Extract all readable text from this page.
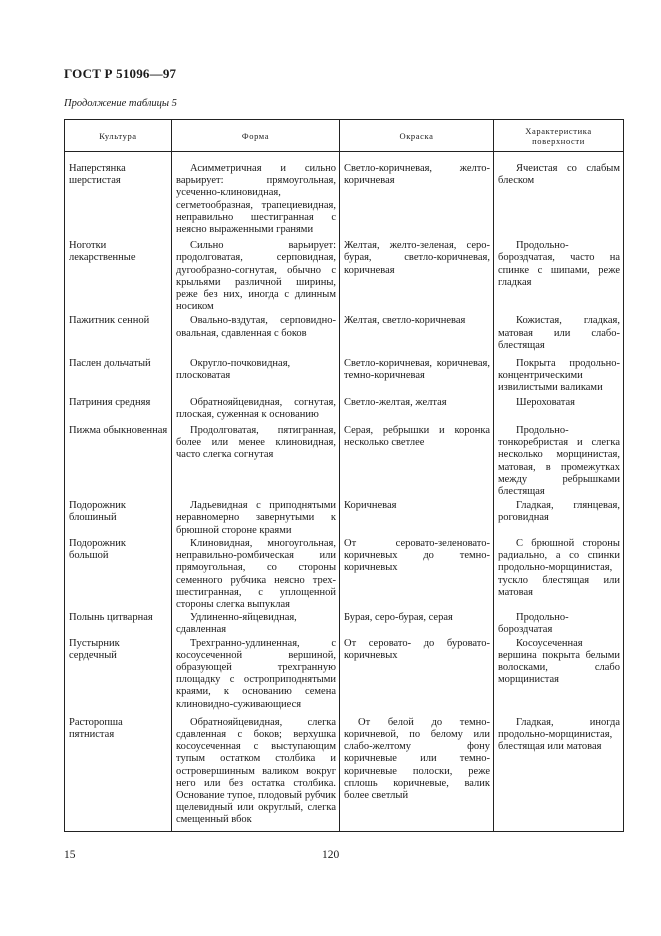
ГОСТ Р 51096—97
Продолжение таблицы 5
Культура	Форма	Окраска	Характеристика поверхности
Наперстянка шерстистая	Асимметричная и сильно варьирует: прямоугольная, усеченно-клиновидная, сегметообразная, трапециевидная, неправильно шестигранная с неясно выраженными гранями	Светло-коричневая, желто-коричневая	Ячеистая со слабым блеском

Ноготки лекарственные	Сильно варьирует: продолговатая, серповидная, дугообразно-согнутая, обычно с крыльями различной ширины, реже без них, иногда с длинным носиком	Желтая, желто-зеленая, серо-бурая, светло-коричневая, коричневая	Продольно-бороздчатая, часто на спинке с шипами, реже гладкая

Пажитник сенной	Овально-вздутая, серповидно-овальная, сдавленная с боков	Желтая, светло-коричневая	Кожистая, гладкая, матовая или слабо-блестящая

Паслен дольчатый	Округло-почковидная, плосковатая	Светло-коричневая, коричневая, темно-коричневая	Покрыта продольно-концентрическими извилистыми валиками

Патриния средняя	Обратнояйцевидная, согнутая, плоская, суженная к основанию	Светло-желтая, желтая	Шероховатая

Пижма обыкновенная	Продолговатая, пятигранная, более или менее клиновидная, часто слегка согнутая	Серая, ребрышки и коронка несколько светлее	Продольно-тонкоребристая и слегка несколько морщинистая, матовая, в промежутках между ребрышками блестящая

Подорожник блошиный	Ладьевидная с приподнятыми неравномерно завернутыми к брюшной стороне краями	Коричневая	Гладкая, глянцевая, роговидная

Подорожник большой	Клиновидная, многоугольная, неправильно-ромбическая или прямоугольная, со стороны семенного рубчика неясно трех-шестигранная, с уплощенной стороны слегка выпуклая	От серовато-зеленовато-коричневых до темно-коричневых	С брюшной стороны радиально, а со спинки продольно-морщинистая, тускло блестящая или матовая

Полынь цитварная	Удлиненно-яйцевидная, сдавленная	Бурая, серо-бурая, серая	Продольно-бороздчатая

Пустырник сердечный	Трехгранно-удлиненная, с косоусеченной вершиной, образующей трехгранную площадку с остроприподнятыми краями, к основанию семена клиновидно-суживающиеся	От серовато- до буровато-коричневых	Косоусеченная вершина покрыта белыми волосками, слабо морщинистая

Расторопша пятнистая	Обратнояйцевидная, слегка сдавленная с боков; верхушка косоусеченная с выступающим тупым остатком столбика и островершинным валиком вокруг него или без остатка столбика. Основание тупое, плодовый рубчик щелевидный или округлый, слегка смещенный вбок	От белой до темно-коричневой, по белому или слабо-желтому фону коричневые или темно-коричневые полоски, реже сплошь коричневые, валик более светлый	Гладкая, иногда продольно-морщинистая, блестящая или матовая
15	120
